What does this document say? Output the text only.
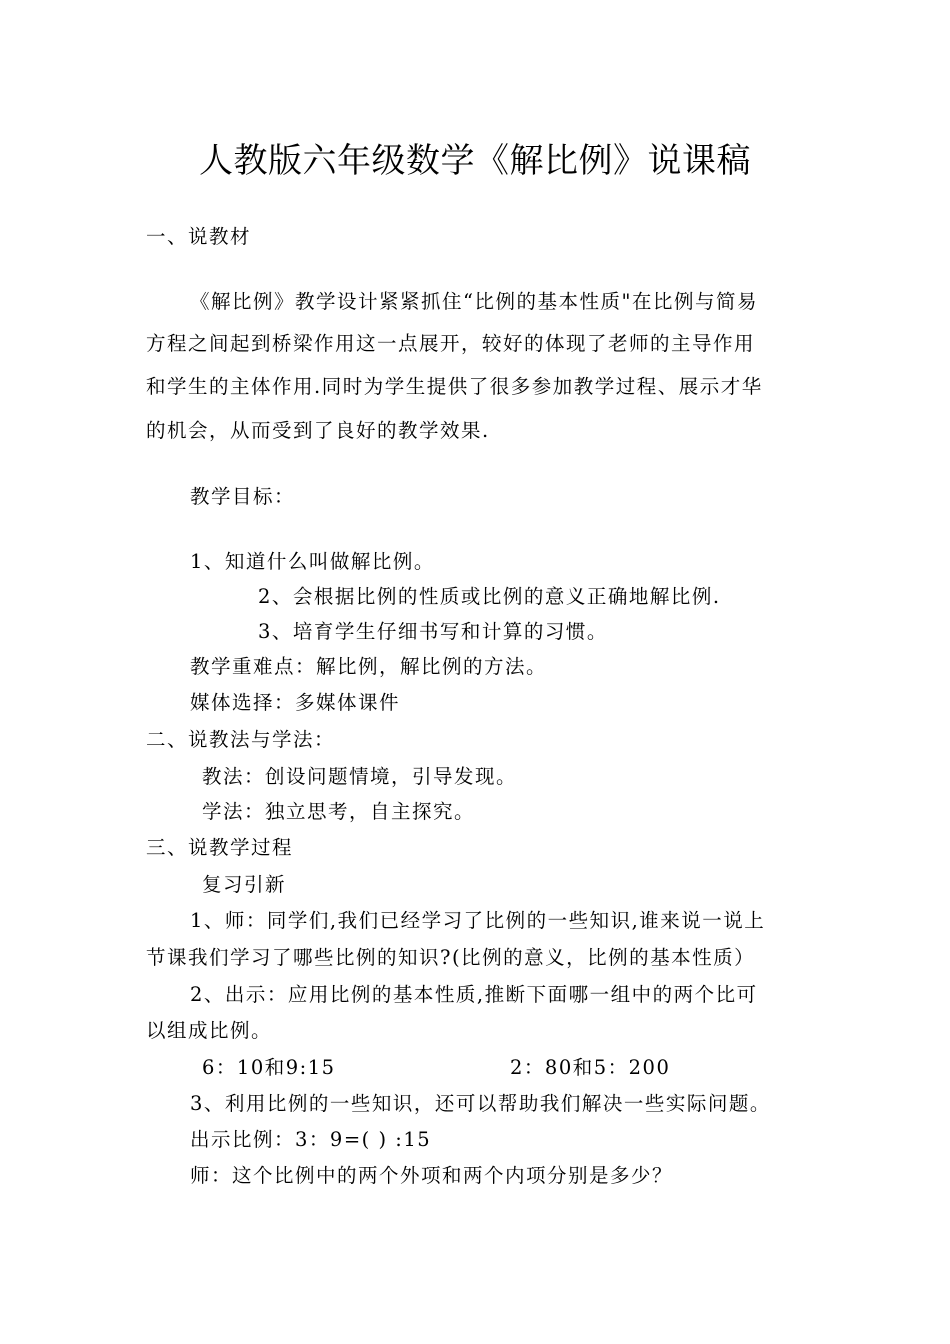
人教版六年级数学《解比例》说课稿
一、说教材
《解比例》教学设计紧紧抓住“比例的基本性质"在比例与简易
方程之间起到桥梁作用这一点展开，较好的体现了老师的主导作用
和学生的主体作用.同时为学生提供了很多参加教学过程、展示才华
的机会，从而受到了良好的教学效果.
教学目标：
1、知道什么叫做解比例。
2、会根据比例的性质或比例的意义正确地解比例.
3、培育学生仔细书写和计算的习惯。
教学重难点：解比例，解比例的方法。
媒体选择：多媒体课件
二、说教法与学法：
教法：创设问题情境，引导发现。
学法：独立思考，自主探究。
三、说教学过程
复习引新
1、师：同学们,我们已经学习了比例的一些知识,谁来说一说上
节课我们学习了哪些比例的知识?(比例的意义，比例的基本性质）
2、出示：应用比例的基本性质,推断下面哪一组中的两个比可
以组成比例。
6：10和9:15	2：80和5：200
3、利用比例的一些知识，还可以帮助我们解决一些实际问题。
出示比例：3：9=( ) :15
师：这个比例中的两个外项和两个内项分别是多少？
